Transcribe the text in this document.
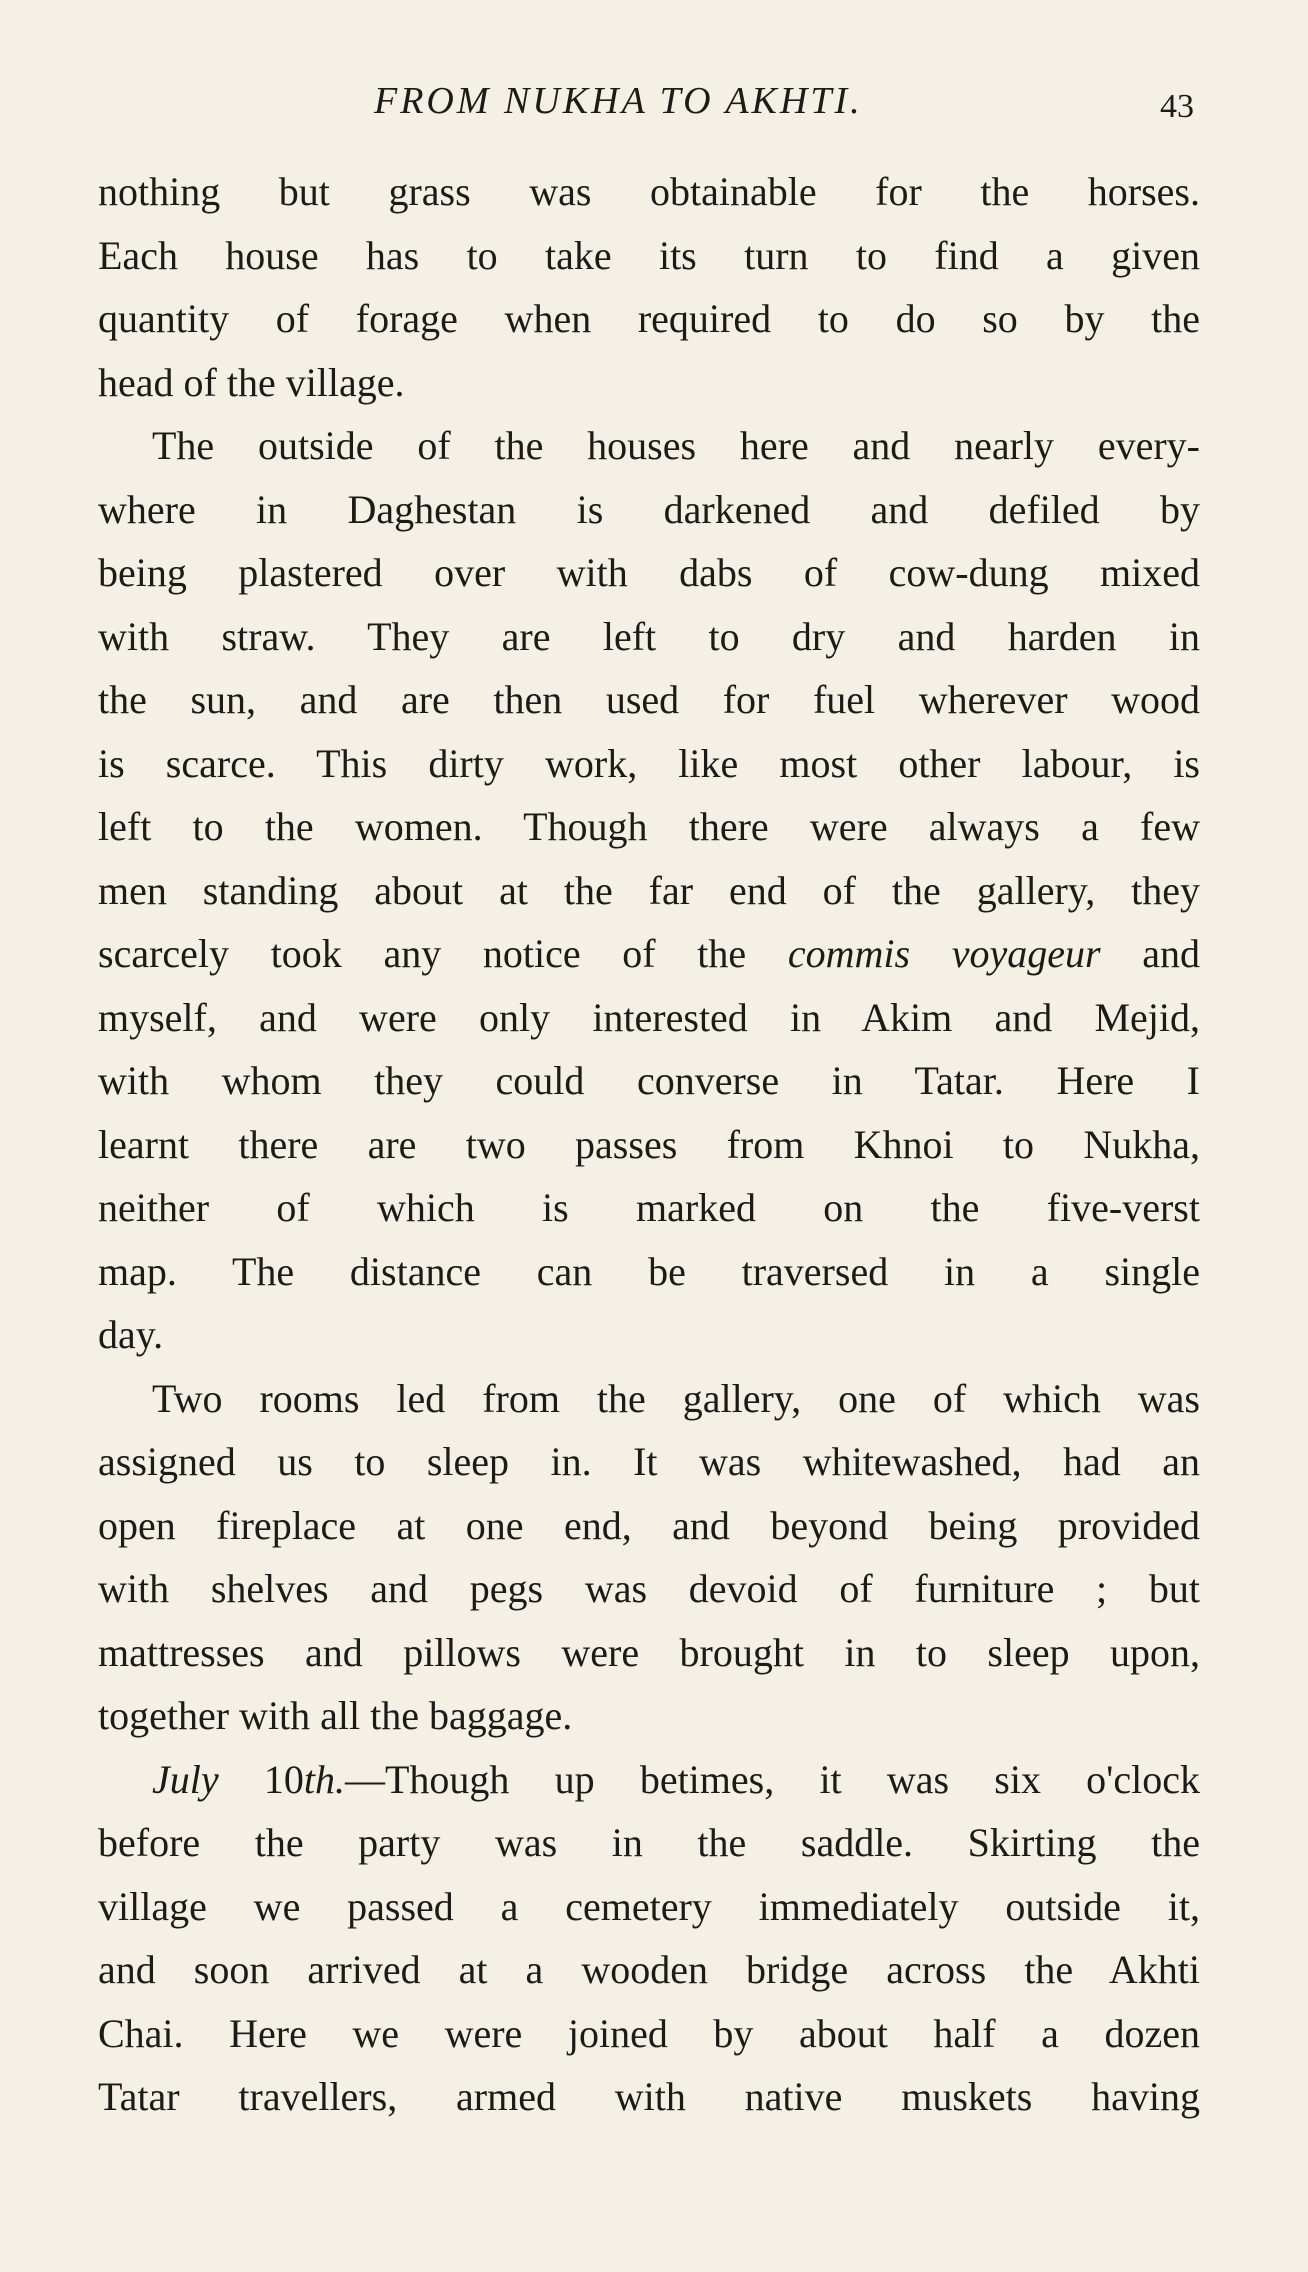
FROM NUKHA TO AKHTI.	43
nothing but grass was obtainable for the horses.
Each house has to take its turn to find a given
quantity of forage when required to do so by the
head of the village.
The outside of the houses here and nearly every-
where in Daghestan is darkened and defiled by
being plastered over with dabs of cow-dung mixed
with straw. They are left to dry and harden in
the sun, and are then used for fuel wherever wood
is scarce. This dirty work, like most other labour, is
left to the women. Though there were always a few
men standing about at the far end of the gallery, they
scarcely took any notice of the commis voyageur and
myself, and were only interested in Akim and Mejid,
with whom they could converse in Tatar. Here I
learnt there are two passes from Khnoi to Nukha,
neither of which is marked on the five-verst
map. The distance can be traversed in a single
day.
Two rooms led from the gallery, one of which was
assigned us to sleep in. It was whitewashed, had an
open fireplace at one end, and beyond being provided
with shelves and pegs was devoid of furniture ; but
mattresses and pillows were brought in to sleep upon,
together with all the baggage.
July 10th.—Though up betimes, it was six o'clock
before the party was in the saddle. Skirting the
village we passed a cemetery immediately outside it,
and soon arrived at a wooden bridge across the Akhti
Chai. Here we were joined by about half a dozen
Tatar travellers, armed with native muskets having
